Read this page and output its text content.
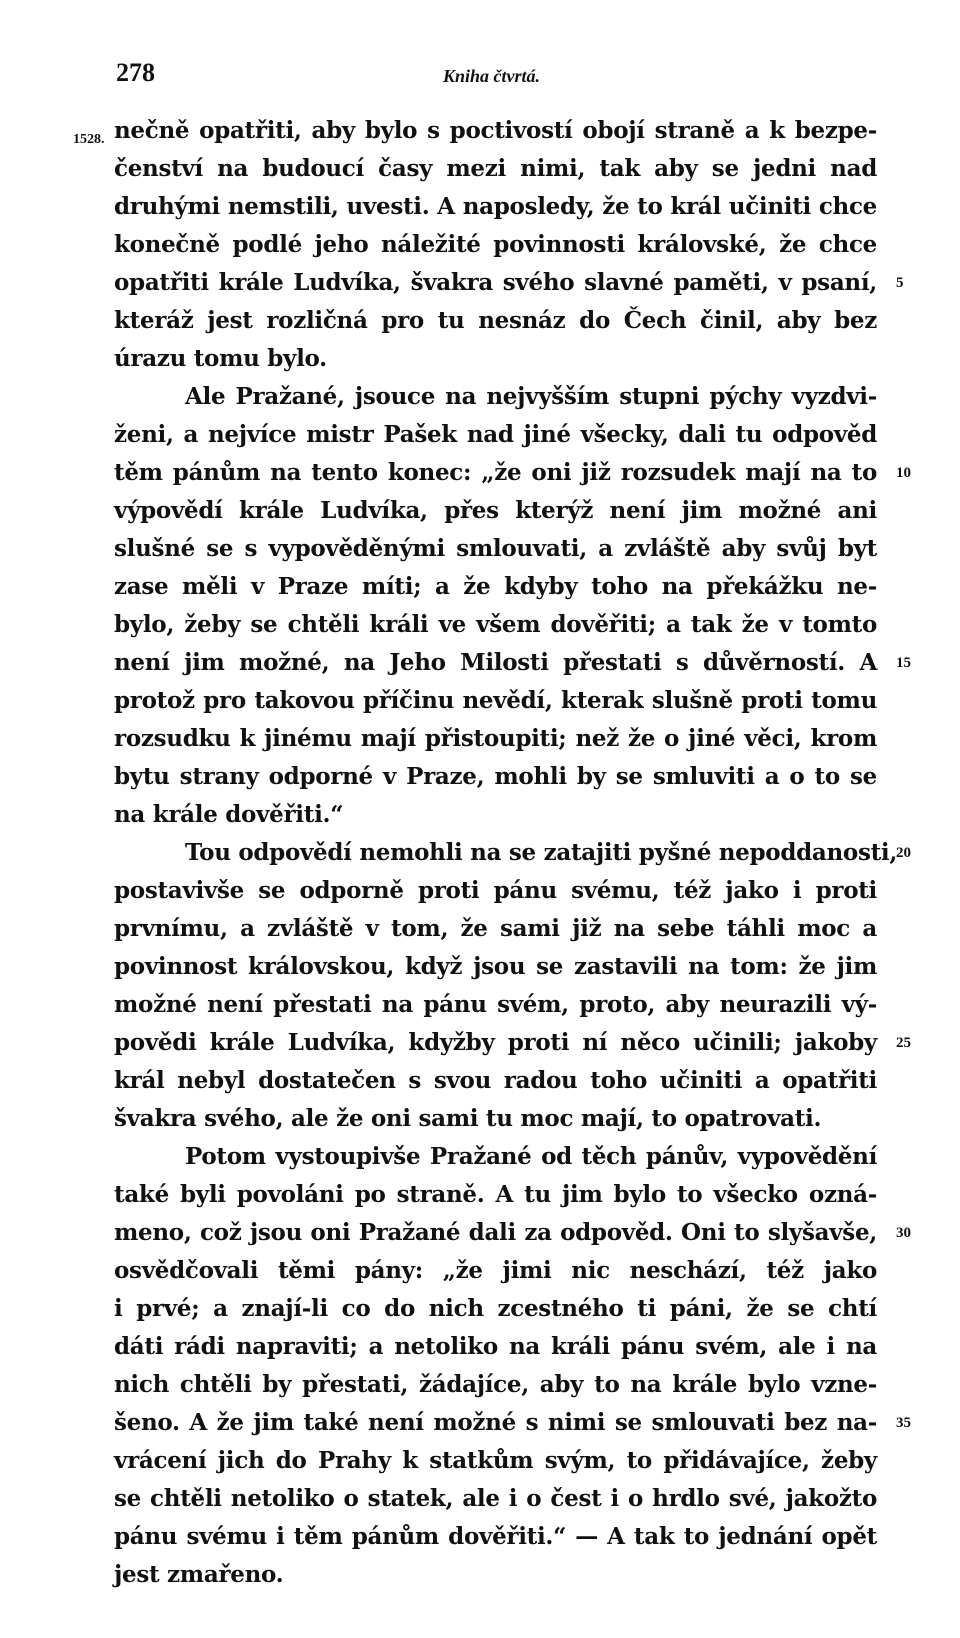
278	Kniha čtvrtá.
1528. nečně opatřiti, aby bylo s poctivostí obojí straně a k bezpe-
čenství na budoucí časy mezi nimi, tak aby se jedni nad
druhými nemstili, uvesti. A naposledy, že to král učiniti chce
konečně podlé jeho náležité povinnosti královské, že chce
opatřiti krále Ludvíka, švakra svého slavné paměti, v psaní,
kteráž jest rozličná pro tu nesnáz do Čech činil, aby bez
úrazu tomu bylo.
Ale Pražané, jsouce na nejvyšším stupni pýchy vyzdvi-
ženi, a nejvíce mistr Pašek nad jiné všecky, dali tu odpověd
těm pánům na tento konec: „že oni již rozsudek mají na to
výpovědí krále Ludvíka, přes kterýž není jim možné ani
slušné se s vypověděnými smlouvati, a zvláště aby svůj byt
zase měli v Praze míti; a že kdyby toho na překážku ne-
bylo, žeby se chtěli králi ve všem dověřiti; a tak že v tomto
není jim možné, na Jeho Milosti přestati s důvěrností. A
protož pro takovou příčinu nevědí, kterak slušně proti tomu
rozsudku k jinému mají přistoupiti; než že o jiné věci, krom
bytu strany odporné v Praze, mohli by se smluviti a o to se
na krále dověřiti.“
Tou odpovědí nemohli na se zatajiti pyšné nepoddanosti,
postavivše se odporně proti pánu svému, též jako i proti
prvnímu, a zvláště v tom, že sami již na sebe táhli moc a
povinnost královskou, když jsou se zastavili na tom: že jim
možné není přestati na pánu svém, proto, aby neurazili vý-
povědi krále Ludvíka, kdyžby proti ní něco učinili; jakoby
král nebyl dostatečen s svou radou toho učiniti a opatřiti
švakra svého, ale že oni sami tu moc mají, to opatrovati.
Potom vystoupivše Pražané od těch pánův, vypovědění
také byli povoláni po straně. A tu jim bylo to všecko ozná-
meno, což jsou oni Pražané dali za odpověd. Oni to slyšavše,
osvědčovali těmi pány: „že jimi nic neschází, též jako
i prvé; a znají-li co do nich zcestného ti páni, že se chtí
dáti rádi napraviti; a netoliko na králi pánu svém, ale i na
nich chtěli by přestati, žádajíce, aby to na krále bylo vzne-
šeno. A že jim také není možné s nimi se smlouvati bez na-
vrácení jich do Prahy k statkům svým, to přidávajíce, žeby
se chtěli netoliko o statek, ale i o čest i o hrdlo své, jakožto
pánu svému i těm pánům dověřiti.“ — A tak to jednání opět
jest zmařeno.
5
10
15
20
25
30
35
